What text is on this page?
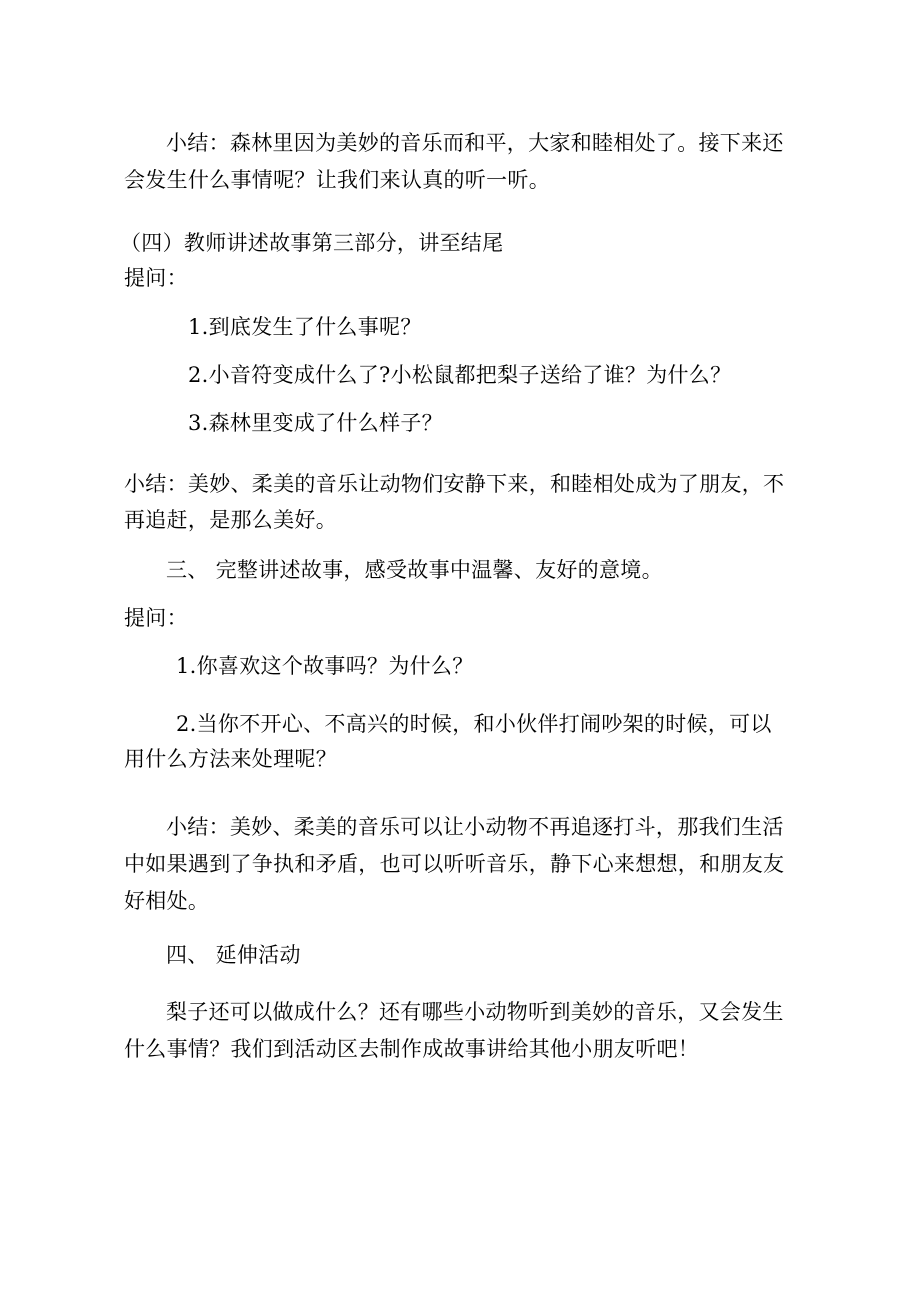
小结：森林里因为美妙的音乐而和平，大家和睦相处了。接下来还
会发生什么事情呢？让我们来认真的听一听。
（四）教师讲述故事第三部分，讲至结尾
提问：
1.到底发生了什么事呢？
2.小音符变成什么了?小松鼠都把梨子送给了谁？为什么？
3.森林里变成了什么样子？
小结：美妙、柔美的音乐让动物们安静下来，和睦相处成为了朋友，不
再追赶，是那么美好。
三、 完整讲述故事，感受故事中温馨、友好的意境。
提问：
1.你喜欢这个故事吗？为什么？
2.当你不开心、不高兴的时候，和小伙伴打闹吵架的时候，可以
用什么方法来处理呢？
小结：美妙、柔美的音乐可以让小动物不再追逐打斗，那我们生活
中如果遇到了争执和矛盾，也可以听听音乐，静下心来想想，和朋友友
好相处。
四、 延伸活动
梨子还可以做成什么？还有哪些小动物听到美妙的音乐，又会发生
什么事情？我们到活动区去制作成故事讲给其他小朋友听吧！
